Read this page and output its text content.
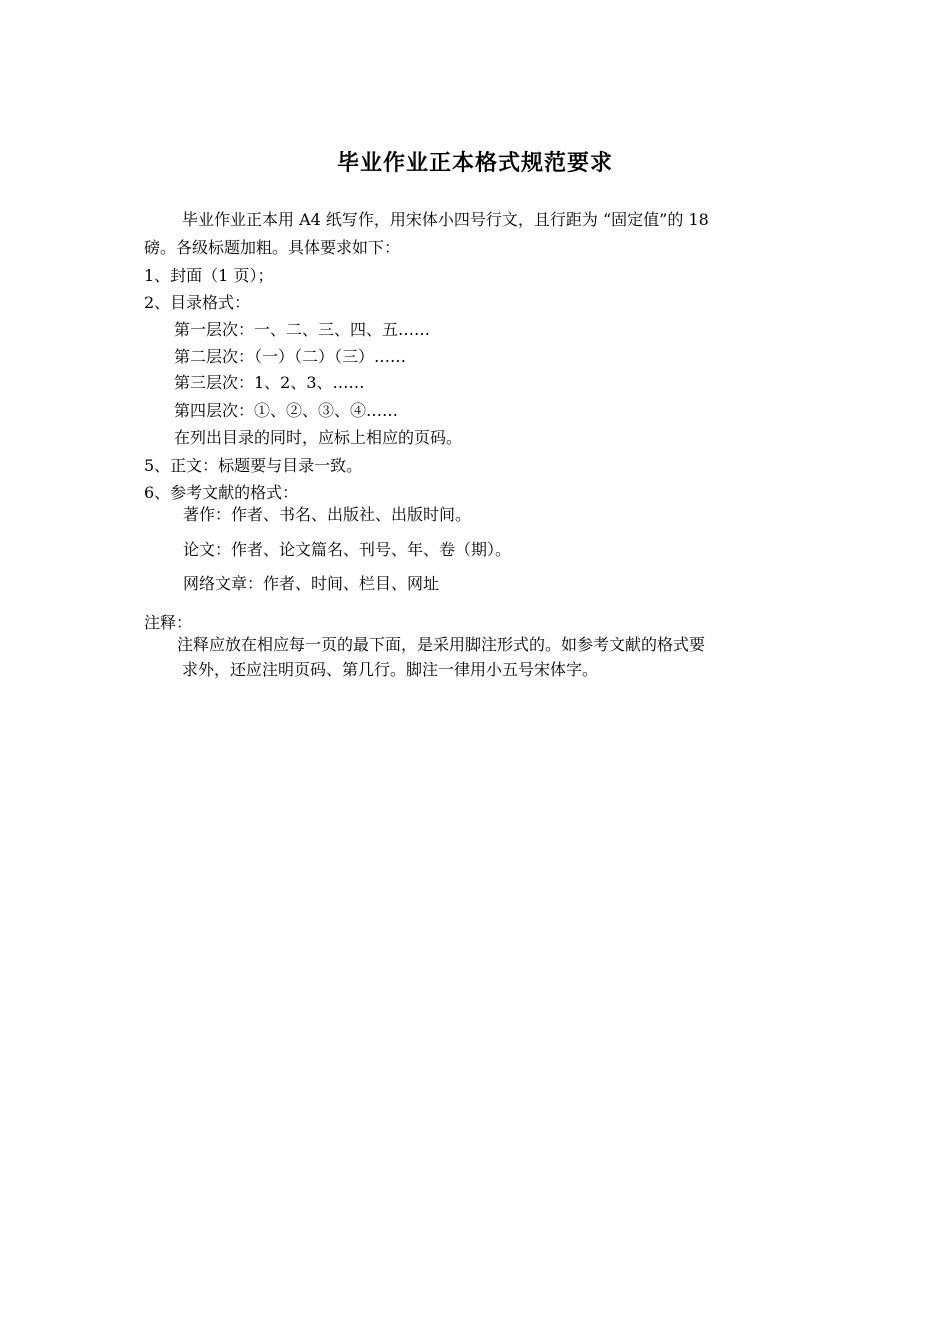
毕业作业正本格式规范要求
毕业作业正本用 A4 纸写作，用宋体小四号行文，且行距为 “固定值”的 18
磅。各级标题加粗。具体要求如下：
1、封面（1 页）；
2、目录格式：
第一层次：一、二、三、四、五……
第二层次：（一）（二）（三）……
第三层次：1、2、3、……
第四层次：①、②、③、④……
在列出目录的同时，应标上相应的页码。
5、正文：标题要与目录一致。
6、参考文献的格式：
著作：作者、书名、出版社、出版时间。
论文：作者、论文篇名、刊号、年、卷（期）。
网络文章：作者、时间、栏目、网址
注释：
注释应放在相应每一页的最下面，是采用脚注形式的。如参考文献的格式要
求外，还应注明页码、第几行。脚注一律用小五号宋体字。
